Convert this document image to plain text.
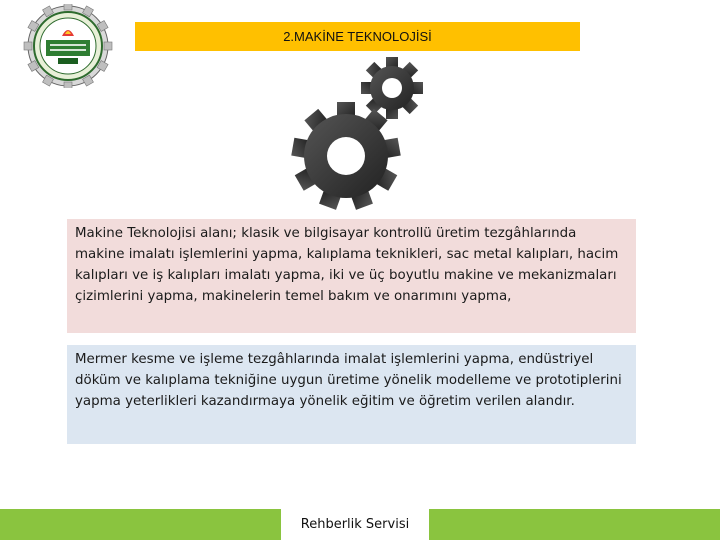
2.MAKİNE TEKNOLOJİSİ

Makine Teknolojisi alanı; klasik ve bilgisayar kontrollü üretim tezgâhlarında makine imalatı işlemlerini yapma, kalıplama teknikleri, sac metal kalıpları, hacim kalıpları ve iş kalıpları imalatı yapma, iki ve üç boyutlu makine ve mekanizmaları çizimlerini yapma, makinelerin temel bakım ve onarımını yapma,

Mermer kesme ve işleme tezgâhlarında imalat işlemlerini yapma, endüstriyel döküm ve kalıplama tekniğine uygun üretime yönelik modelleme ve prototiplerini yapma yeterlikleri kazandırmaya yönelik eğitim ve öğretim verilen alandır.

Rehberlik Servisi
